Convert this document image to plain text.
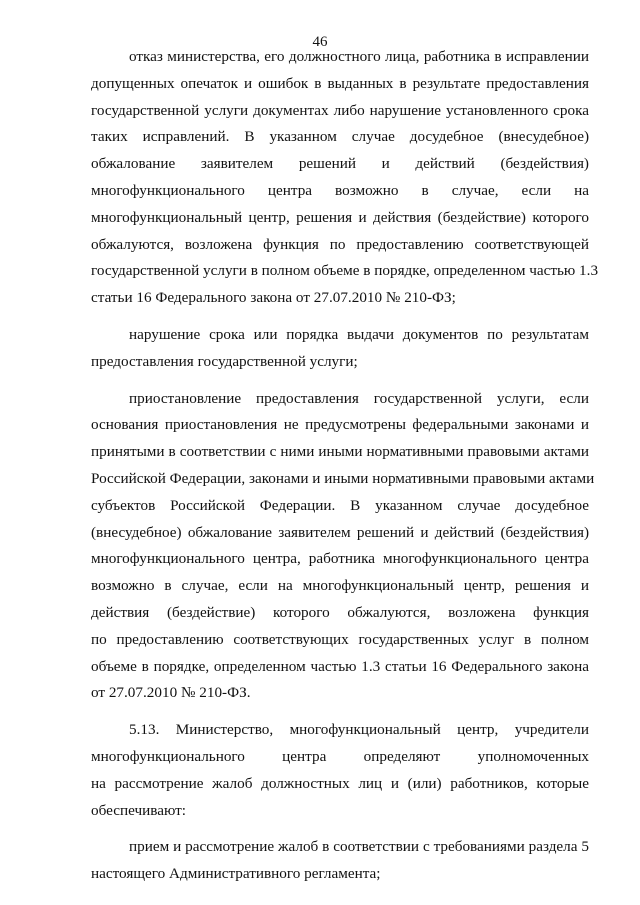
46
отказ министерства, его должностного лица, работника в исправлении
допущенных опечаток и ошибок в выданных в результате предоставления
государственной услуги документах либо нарушение установленного срока
таких исправлений. В указанном случае досудебное (внесудебное)
обжалование заявителем решений и действий (бездействия)
многофункционального центра возможно в случае, если на
многофункциональный центр, решения и действия (бездействие) которого
обжалуются, возложена функция по предоставлению соответствующей
государственной услуги в полном объеме в порядке, определенном частью 1.3
статьи 16 Федерального закона от 27.07.2010 № 210-ФЗ;
нарушение срока или порядка выдачи документов по результатам
предоставления государственной услуги;
приостановление предоставления государственной услуги, если
основания приостановления не предусмотрены федеральными законами и
принятыми в соответствии с ними иными нормативными правовыми актами
Российской Федерации, законами и иными нормативными правовыми актами
субъектов Российской Федерации. В указанном случае досудебное
(внесудебное) обжалование заявителем решений и действий (бездействия)
многофункционального центра, работника многофункционального центра
возможно в случае, если на многофункциональный центр, решения и
действия (бездействие) которого обжалуются, возложена функция
по предоставлению соответствующих государственных услуг в полном
объеме в порядке, определенном частью 1.3 статьи 16 Федерального закона
от 27.07.2010 № 210-ФЗ.
5.13. Министерство, многофункциональный центр, учредители
многофункционального центра определяют уполномоченных
на рассмотрение жалоб должностных лиц и (или) работников, которые
обеспечивают:
прием и рассмотрение жалоб в соответствии с требованиями раздела 5
настоящего Административного регламента;
